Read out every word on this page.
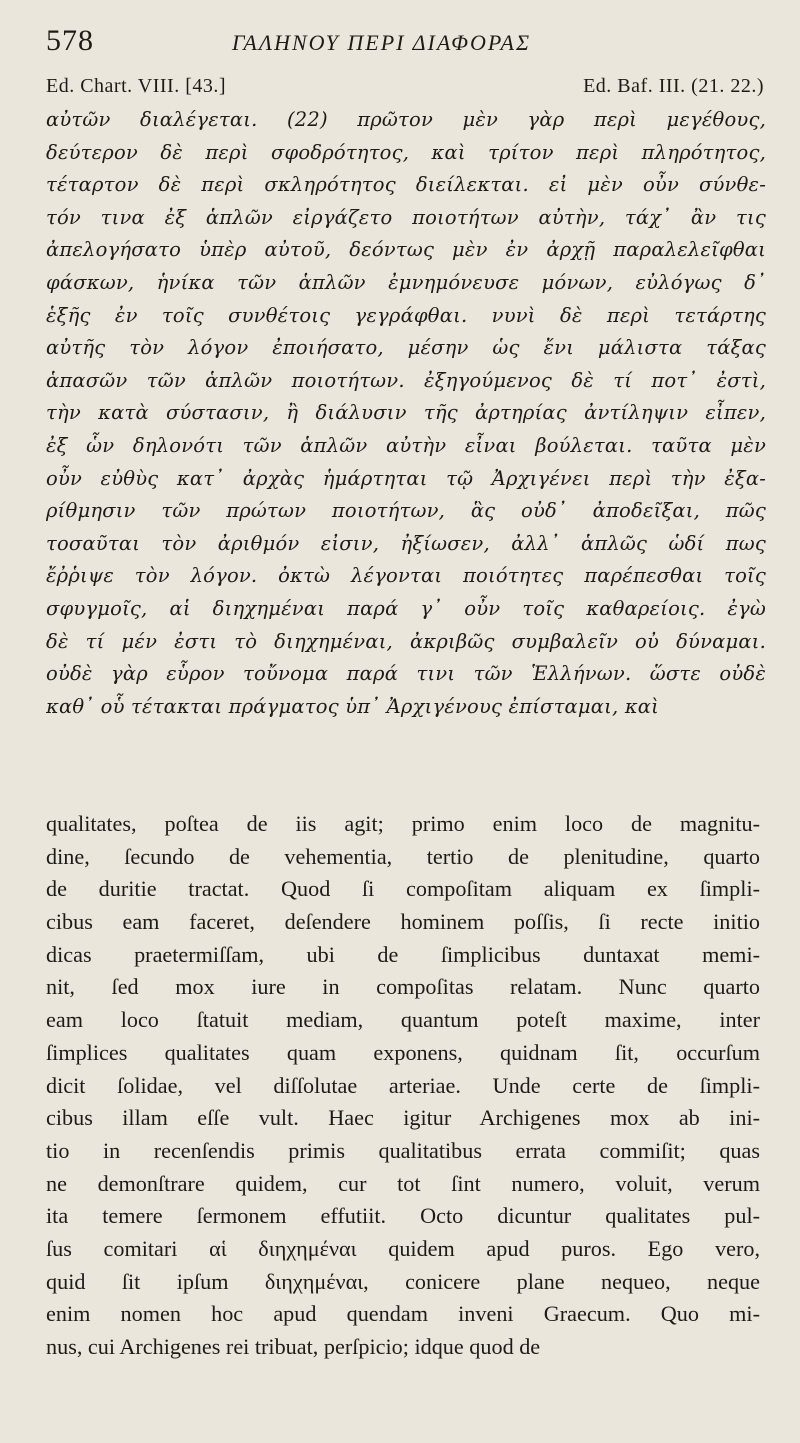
578	ΓΑΛΗΝΟΥ ΠΕΡΙ ΔΙΑΦΟΡΑΣ
Ed. Chart. VIII. [43.]	Ed. Baf. III. (21. 22.)
αὐτῶν διαλέγεται. (22) πρῶτον μὲν γὰρ περὶ μεγέθους,
δεύτερον δὲ περὶ σφοδρότητος, καὶ τρίτον περὶ πληρότητος,
τέταρτον δὲ περὶ σκληρότητος διείλεκται. εἰ μὲν οὖν σύνθε-
τόν τινα ἐξ ἁπλῶν εἰργάζετο ποιοτήτων αὐτὴν, τάχ᾽ ἂν τις
ἀπελογήσατο ὑπὲρ αὐτοῦ, δεόντως μὲν ἐν ἀρχῇ παραλελεῖφθαι
φάσκων, ἡνίκα τῶν ἁπλῶν ἐμνημόνευσε μόνων, εὐλόγως δ᾽
ἑξῆς ἐν τοῖς συνθέτοις γεγράφθαι. νυνὶ δὲ περὶ τετάρτης
αὐτῆς τὸν λόγον ἐποιήσατο, μέσην ὡς ἔνι μάλιστα τάξας
ἁπασῶν τῶν ἁπλῶν ποιοτήτων. ἐξηγούμενος δὲ τί ποτ᾽ ἐστὶ,
τὴν κατὰ σύστασιν, ἢ διάλυσιν τῆς ἀρτηρίας ἀντίληψιν εἶπεν,
ἐξ ὧν δηλονότι τῶν ἁπλῶν αὐτὴν εἶναι βούλεται. ταῦτα μὲν
οὖν εὐθὺς κατ᾽ ἀρχὰς ἡμάρτηται τῷ Ἀρχιγένει περὶ τὴν ἐξα-
ρίθμησιν τῶν πρώτων ποιοτήτων, ἃς οὐδ᾽ ἀποδεῖξαι, πῶς
τοσαῦται τὸν ἀριθμόν εἰσιν, ἠξίωσεν, ἀλλ᾽ ἁπλῶς ὡδί πως
ἔῤῥιψε τὸν λόγον. ὀκτὼ λέγονται ποιότητες παρέπεσθαι τοῖς
σφυγμοῖς, αἱ διηχημέναι παρά γ᾽ οὖν τοῖς καθαρείοις. ἐγὼ
δὲ τί μέν ἐστι τὸ διηχημέναι, ἀκριβῶς συμβαλεῖν οὐ δύναμαι.
οὐδὲ γὰρ εὗρον τοὔνομα παρά τινι τῶν Ἑλλήνων. ὥστε οὐδὲ
καθ᾽ οὗ τέτακται πράγματος ὑπ᾽ Ἀρχιγένους ἐπίσταμαι, καὶ
qualitates, poſtea de iis agit; primo enim loco de magnitu-
dine, ſecundo de vehementia, tertio de plenitudine, quarto
de duritie tractat. Quod ſi compoſitam aliquam ex ſimpli-
cibus eam faceret, deſendere hominem poſſis, ſi recte initio
dicas praetermiſſam, ubi de ſimplicibus duntaxat memi-
nit, ſed mox iure in compoſitas relatam. Nunc quarto
eam loco ſtatuit mediam, quantum poteſt maxime, inter
ſimplices qualitates quam exponens, quidnam ſit, occurſum
dicit ſolidae, vel diſſolutae arteriae. Unde certe de ſimpli-
cibus illam eſſe vult. Haec igitur Archigenes mox ab ini-
tio in recenſendis primis qualitatibus errata commiſit; quas
ne demonſtrare quidem, cur tot ſint numero, voluit, verum
ita temere ſermonem effutiit. Octo dicuntur qualitates pul-
ſus comitari αἱ διηχημέναι quidem apud puros. Ego vero,
quid ſit ipſum διηχημέναι, conicere plane nequeo, neque
enim nomen hoc apud quendam inveni Graecum. Quo mi-
nus, cui Archigenes rei tribuat, perſpicio; idque quod de
